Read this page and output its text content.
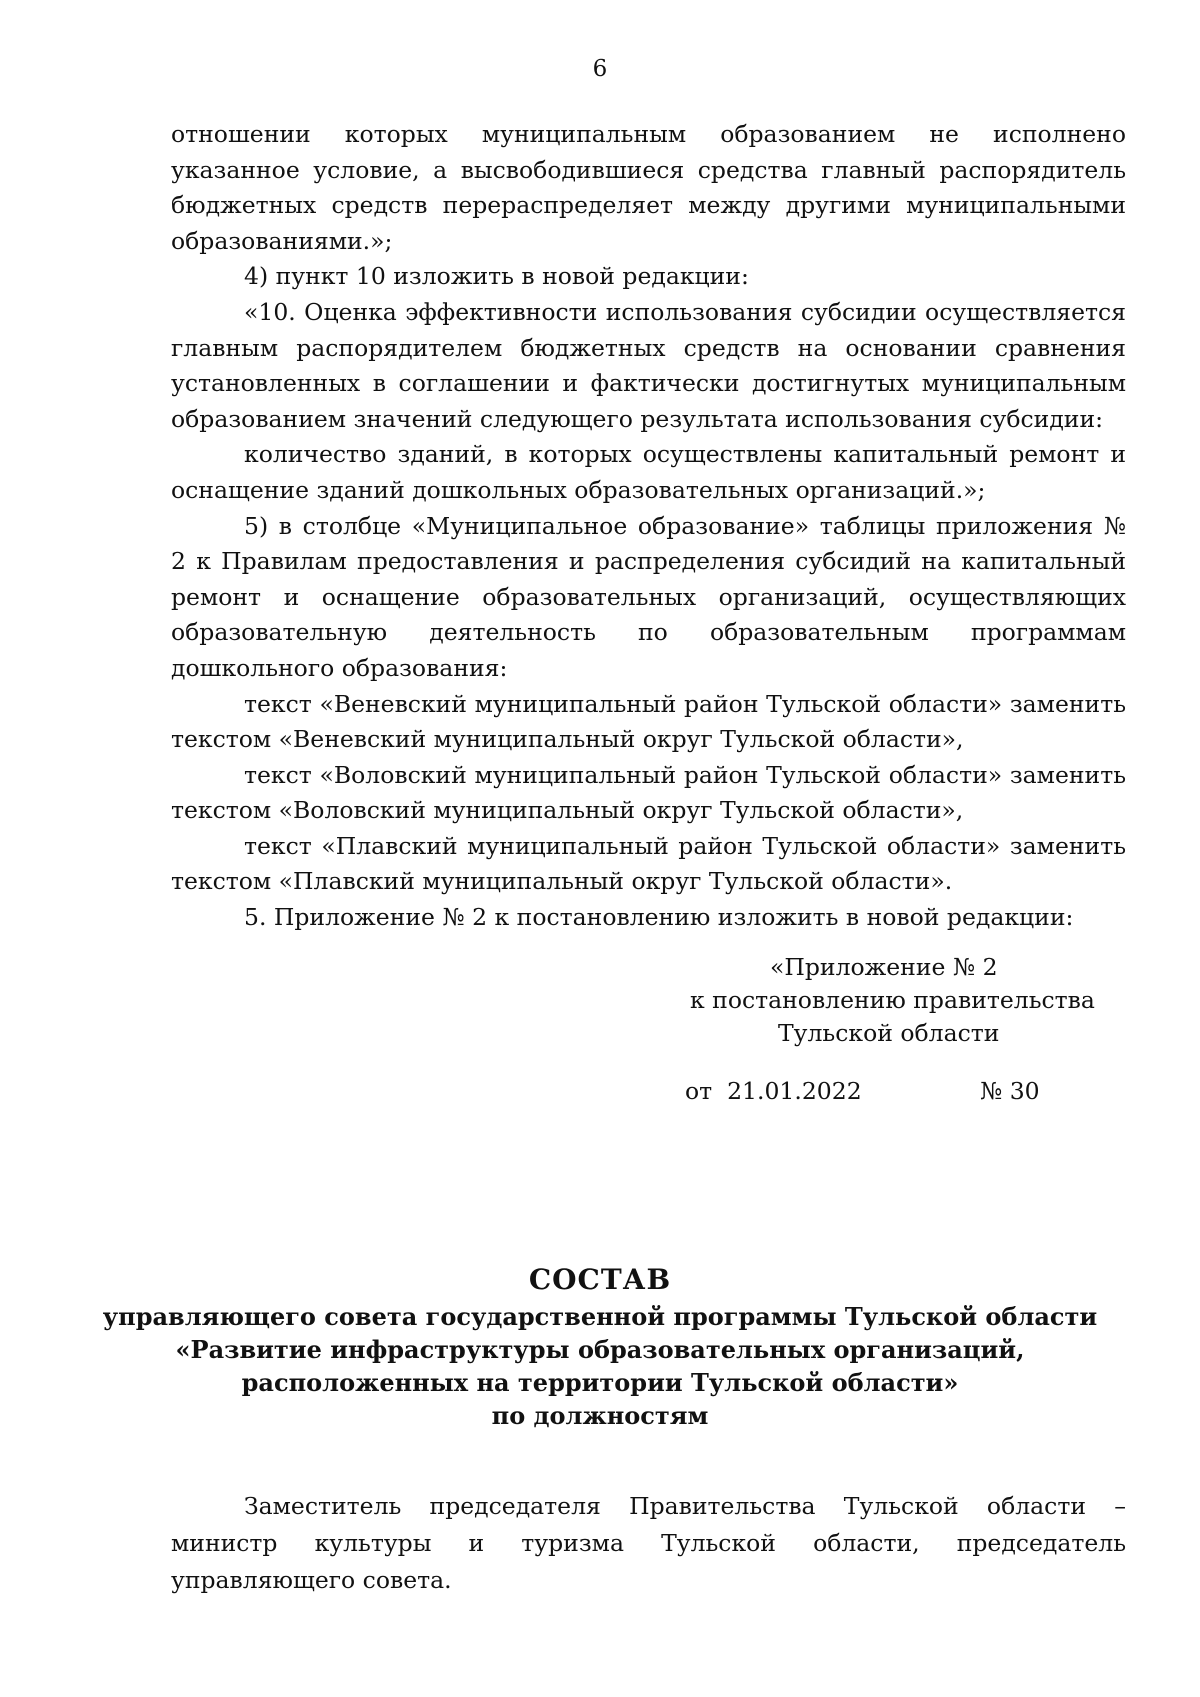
6

отношении которых муниципальным образованием не исполнено указанное условие, а высвободившиеся средства главный распорядитель бюджетных средств перераспределяет между другими муниципальными образованиями.»;

4) пункт 10 изложить в новой редакции:

«10. Оценка эффективности использования субсидии осуществляется главным распорядителем бюджетных средств на основании сравнения установленных в соглашении и фактически достигнутых муниципальным образованием значений следующего результата использования субсидии:

количество зданий, в которых осуществлены капитальный ремонт и оснащение зданий дошкольных образовательных организаций.»;

5) в столбце «Муниципальное образование» таблицы приложения № 2 к Правилам предоставления и распределения субсидий на капитальный ремонт и оснащение образовательных организаций, осуществляющих образовательную деятельность по образовательным программам дошкольного образования:

текст «Веневский муниципальный район Тульской области» заменить текстом «Веневский муниципальный округ Тульской области»,

текст «Воловский муниципальный район Тульской области» заменить текстом «Воловский муниципальный округ Тульской области»,

текст «Плавский муниципальный район Тульской области» заменить текстом «Плавский муниципальный округ Тульской области».

5. Приложение № 2 к постановлению изложить в новой редакции:

«Приложение № 2
к постановлению правительства
Тульской области
от 21.01.2022	№ 30
СОСТАВ
управляющего совета государственной программы Тульской области
«Развитие инфраструктуры образовательных организаций,
расположенных на территории Тульской области»
по должностям

Заместитель председателя Правительства Тульской области – министр культуры и туризма Тульской области, председатель управляющего совета.
